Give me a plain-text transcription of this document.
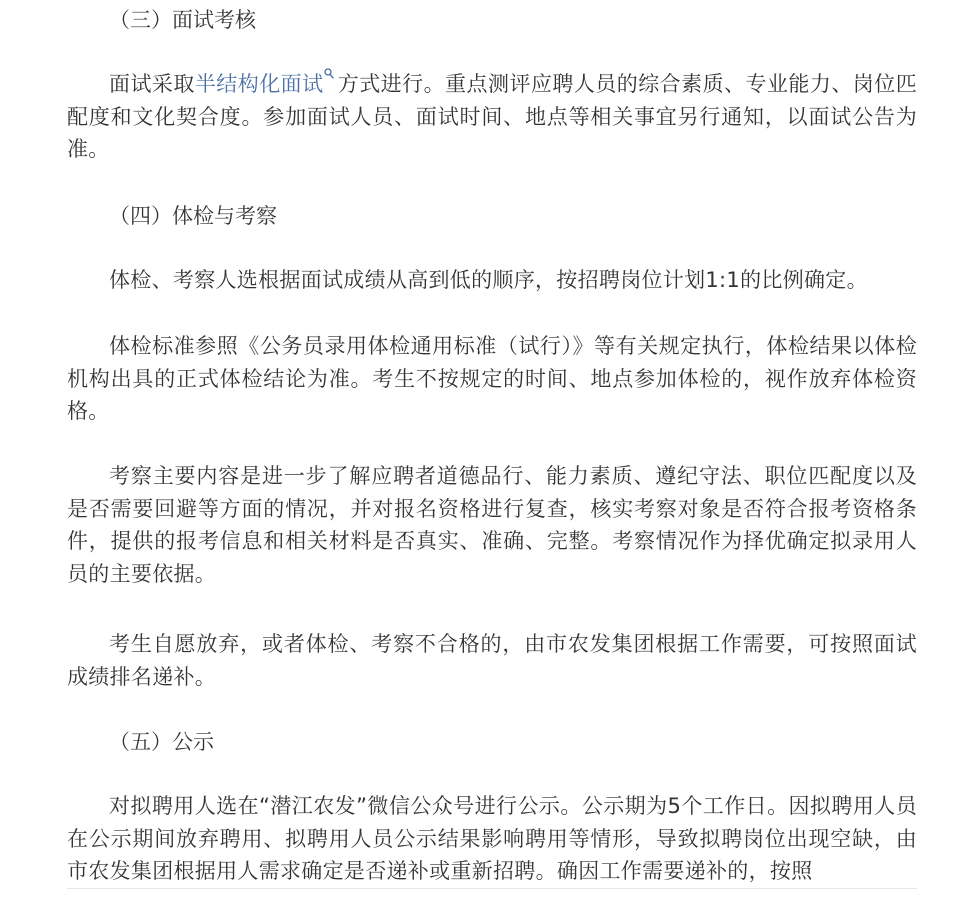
（三）面试考核

面试采取半结构化面试 方式进行。重点测评应聘人员的综合素质、专业能力、岗位匹配度和文化契合度。参加面试人员、面试时间、地点等相关事宜另行通知，以面试公告为准。

（四）体检与考察

体检、考察人选根据面试成绩从高到低的顺序，按招聘岗位计划1:1的比例确定。

体检标准参照《公务员录用体检通用标准（试行）》等有关规定执行，体检结果以体检机构出具的正式体检结论为准。考生不按规定的时间、地点参加体检的，视作放弃体检资格。

考察主要内容是进一步了解应聘者道德品行、能力素质、遵纪守法、职位匹配度以及是否需要回避等方面的情况，并对报名资格进行复查，核实考察对象是否符合报考资格条件，提供的报考信息和相关材料是否真实、准确、完整。考察情况作为择优确定拟录用人员的主要依据。

考生自愿放弃，或者体检、考察不合格的，由市农发集团根据工作需要，可按照面试成绩排名递补。

（五）公示

对拟聘用人选在“潜江农发”微信公众号进行公示。公示期为5个工作日。因拟聘用人员在公示期间放弃聘用、拟聘用人员公示结果影响聘用等情形，导致拟聘岗位出现空缺，由市农发集团根据用人需求确定是否递补或重新招聘。确因工作需要递补的，按照
